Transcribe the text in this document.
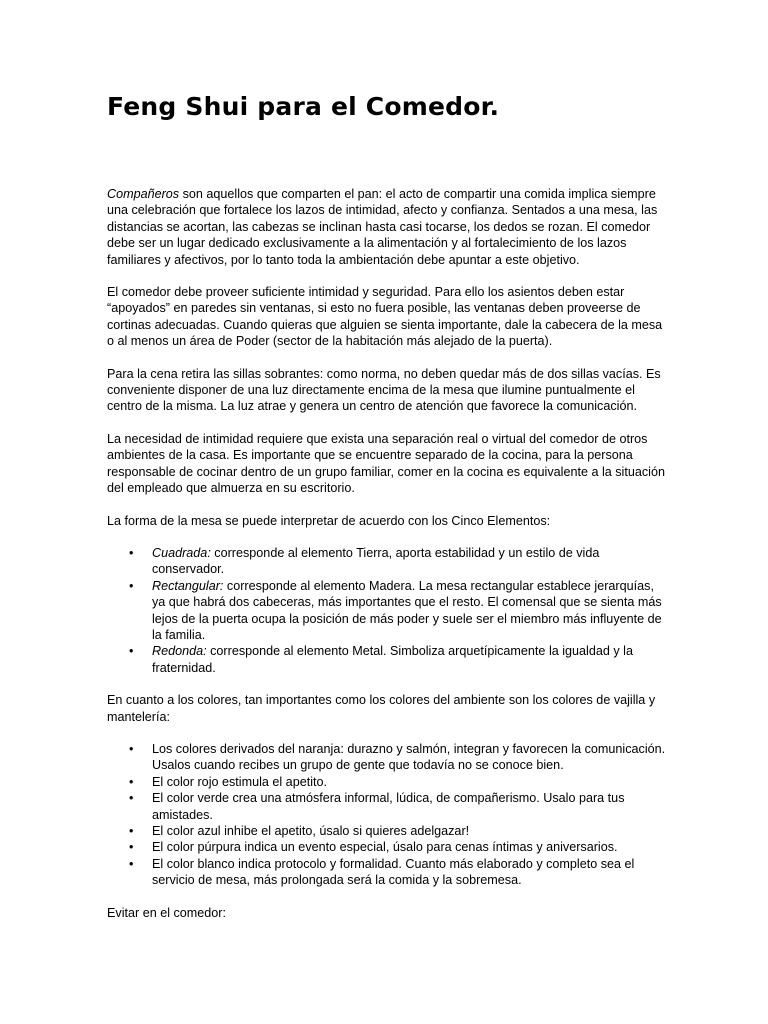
Feng Shui para el Comedor.

Compañeros son aquellos que comparten el pan: el acto de compartir una comida implica siempre una celebración que fortalece los lazos de intimidad, afecto y confianza. Sentados a una mesa, las distancias se acortan, las cabezas se inclinan hasta casi tocarse, los dedos se rozan. El comedor debe ser un lugar dedicado exclusivamente a la alimentación y al fortalecimiento de los lazos familiares y afectivos, por lo tanto toda la ambientación debe apuntar a este objetivo.

El comedor debe proveer suficiente intimidad y seguridad. Para ello los asientos deben estar “apoyados” en paredes sin ventanas, si esto no fuera posible, las ventanas deben proveerse de cortinas adecuadas. Cuando quieras que alguien se sienta importante, dale la cabecera de la mesa o al menos un área de Poder (sector de la habitación más alejado de la puerta).

Para la cena retira las sillas sobrantes: como norma, no deben quedar más de dos sillas vacías. Es conveniente disponer de una luz directamente encima de la mesa que ilumine puntualmente el centro de la misma. La luz atrae y genera un centro de atención que favorece la comunicación.

La necesidad de intimidad requiere que exista una separación real o virtual del comedor de otros ambientes de la casa. Es importante que se encuentre separado de la cocina, para la persona responsable de cocinar dentro de un grupo familiar, comer en la cocina es equivalente a la situación del empleado que almuerza en su escritorio.

La forma de la mesa se puede interpretar de acuerdo con los Cinco Elementos:

• Cuadrada: corresponde al elemento Tierra, aporta estabilidad y un estilo de vida conservador.
• Rectangular: corresponde al elemento Madera. La mesa rectangular establece jerarquías, ya que habrá dos cabeceras, más importantes que el resto. El comensal que se sienta más lejos de la puerta ocupa la posición de más poder y suele ser el miembro más influyente de la familia.
• Redonda: corresponde al elemento Metal. Simboliza arquetípicamente la igualdad y la fraternidad.

En cuanto a los colores, tan importantes como los colores del ambiente son los colores de vajilla y mantelería:

• Los colores derivados del naranja: durazno y salmón, integran y favorecen la comunicación. Usalos cuando recibes un grupo de gente que todavía no se conoce bien.
• El color rojo estimula el apetito.
• El color verde crea una atmósfera informal, lúdica, de compañerismo. Usalo para tus amistades.
• El color azul inhibe el apetito, úsalo si quieres adelgazar!
• El color púrpura indica un evento especial, úsalo para cenas íntimas y aniversarios.
• El color blanco indica protocolo y formalidad. Cuanto más elaborado y completo sea el servicio de mesa, más prolongada será la comida y la sobremesa.

Evitar en el comedor:
